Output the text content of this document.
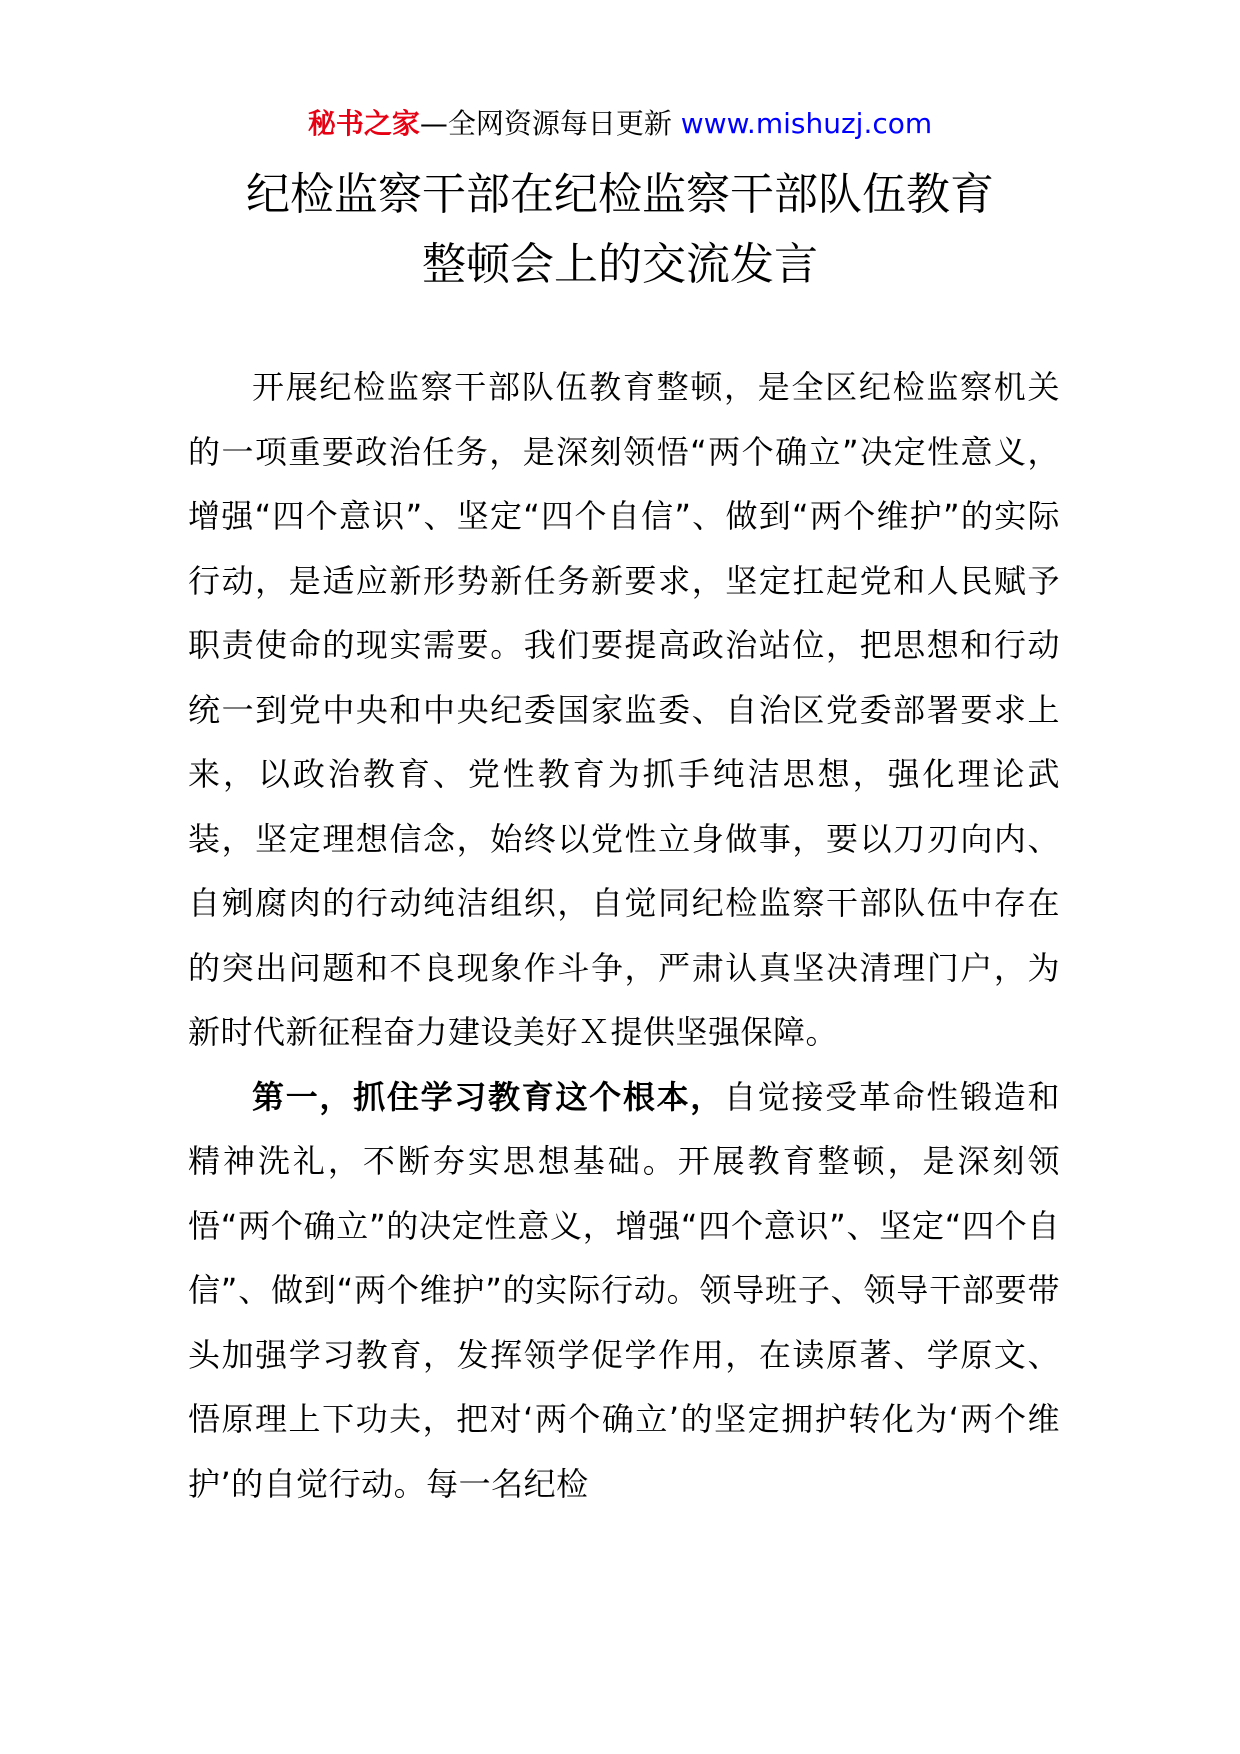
秘书之家—全网资源每日更新 www.mishuzj.com
纪检监察干部在纪检监察干部队伍教育
整顿会上的交流发言

开展纪检监察干部队伍教育整顿，是全区纪检监察机关的一项重要政治任务，是深刻领悟“两个确立”决定性意义，增强“四个意识”、坚定“四个自信”、做到“两个维护”的实际行动，是适应新形势新任务新要求，坚定扛起党和人民赋予职责使命的现实需要。我们要提高政治站位，把思想和行动统一到党中央和中央纪委国家监委、自治区党委部署要求上来，以政治教育、党性教育为抓手纯洁思想，强化理论武装，坚定理想信念，始终以党性立身做事，要以刀刃向内、自剜腐肉的行动纯洁组织，自觉同纪检监察干部队伍中存在的突出问题和不良现象作斗争，严肃认真坚决清理门户，为新时代新征程奋力建设美好Ｘ提供坚强保障。

第一，抓住学习教育这个根本，自觉接受革命性锻造和精神洗礼，不断夯实思想基础。开展教育整顿，是深刻领悟“两个确立”的决定性意义，增强“四个意识”、坚定“四个自信”、做到“两个维护”的实际行动。领导班子、领导干部要带头加强学习教育，发挥领学促学作用，在读原著、学原文、悟原理上下功夫，把对‘两个确立’的坚定拥护转化为‘两个维护’的自觉行动。每一名纪检
